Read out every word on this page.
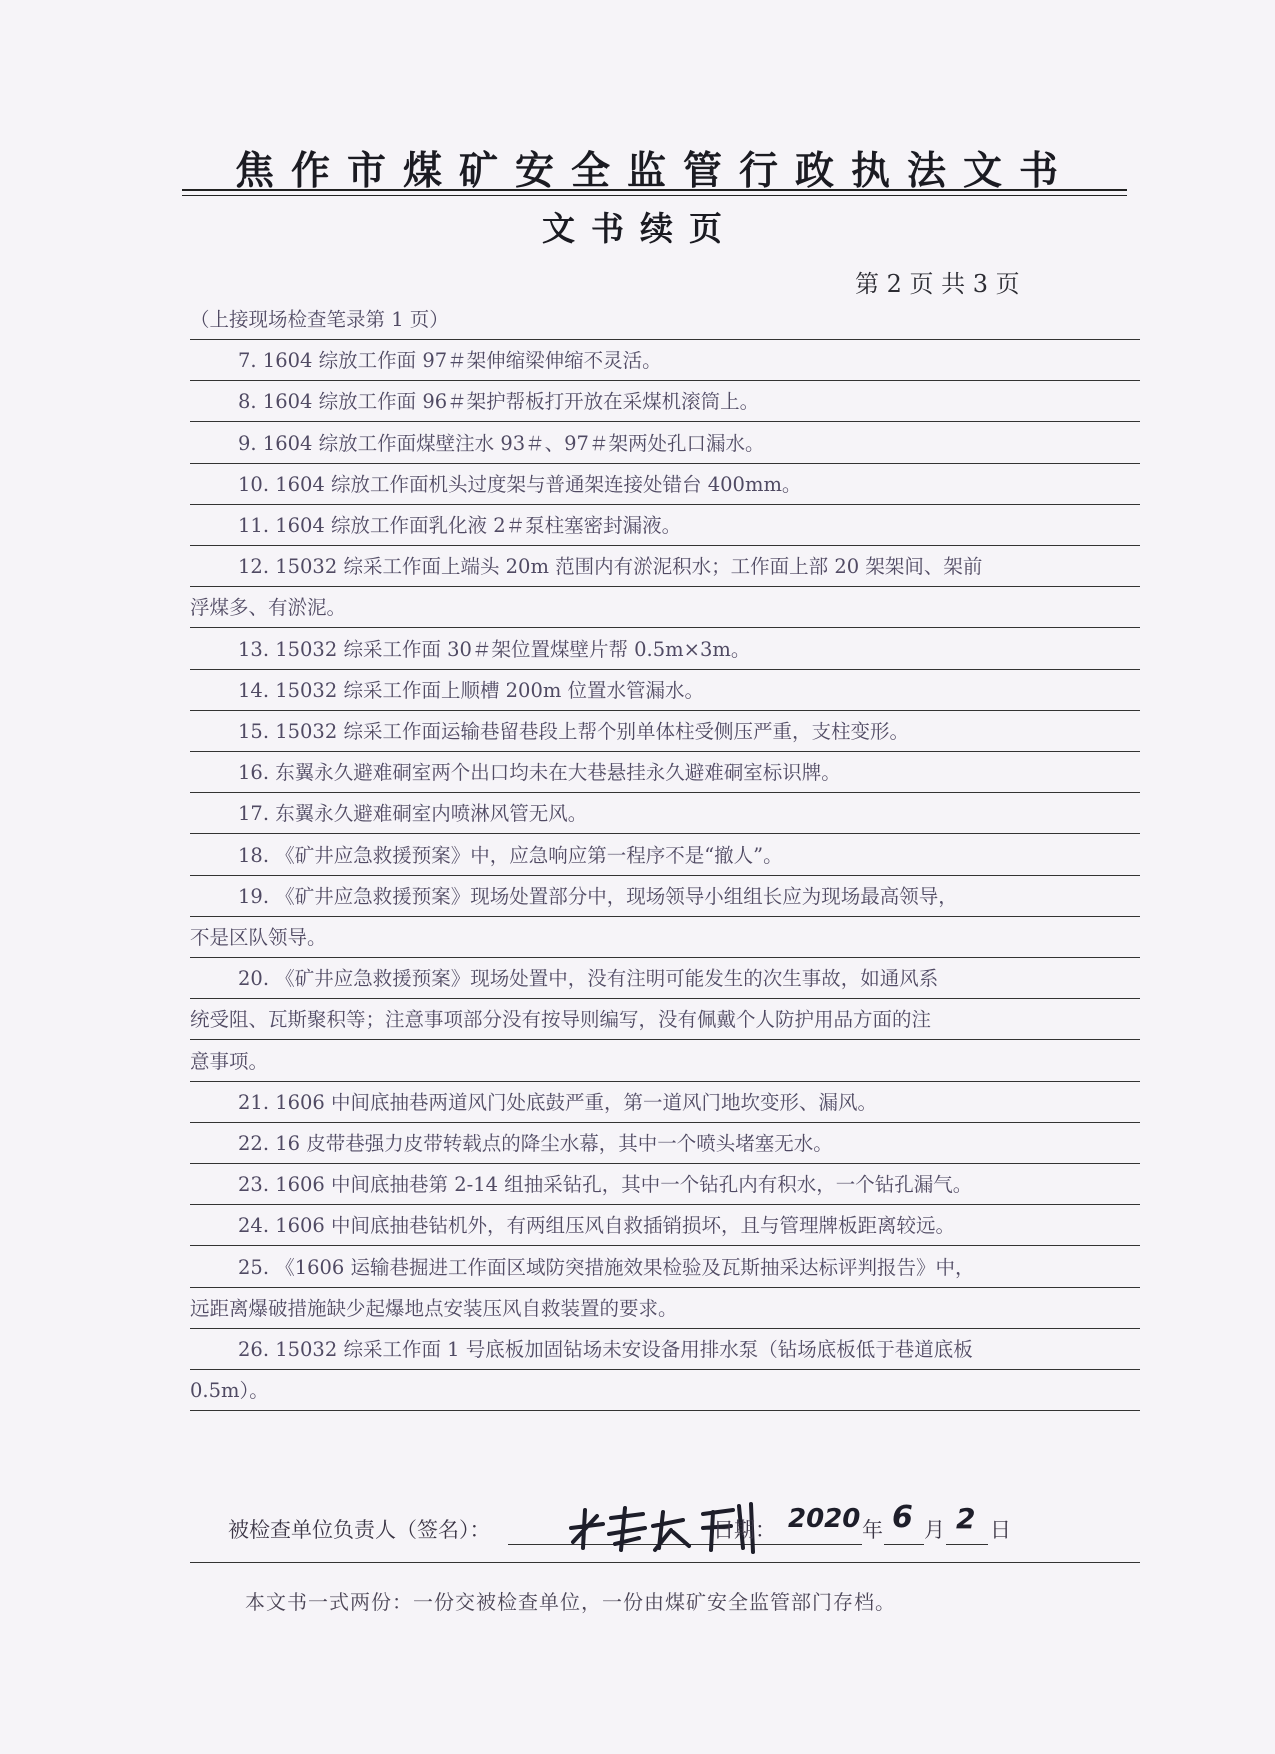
焦作市煤矿安全监管行政执法文书
文书续页
第 2 页 共 3 页
（上接现场检查笔录第 1 页）
7. 1604 综放工作面 97＃架伸缩梁伸缩不灵活。
8. 1604 综放工作面 96＃架护帮板打开放在采煤机滚筒上。
9. 1604 综放工作面煤壁注水 93＃、97＃架两处孔口漏水。
10. 1604 综放工作面机头过度架与普通架连接处错台 400mm。
11. 1604 综放工作面乳化液 2＃泵柱塞密封漏液。
12. 15032 综采工作面上端头 20m 范围内有淤泥积水；工作面上部 20 架架间、架前
浮煤多、有淤泥。
13. 15032 综采工作面 30＃架位置煤壁片帮 0.5m×3m。
14. 15032 综采工作面上顺槽 200m 位置水管漏水。
15. 15032 综采工作面运输巷留巷段上帮个别单体柱受侧压严重，支柱变形。
16. 东翼永久避难硐室两个出口均未在大巷悬挂永久避难硐室标识牌。
17. 东翼永久避难硐室内喷淋风管无风。
18. 《矿井应急救援预案》中，应急响应第一程序不是“撤人”。
19. 《矿井应急救援预案》现场处置部分中，现场领导小组组长应为现场最高领导，
不是区队领导。
20. 《矿井应急救援预案》现场处置中，没有注明可能发生的次生事故，如通风系
统受阻、瓦斯聚积等；注意事项部分没有按导则编写，没有佩戴个人防护用品方面的注
意事项。
21. 1606 中间底抽巷两道风门处底鼓严重，第一道风门地坎变形、漏风。
22. 16 皮带巷强力皮带转载点的降尘水幕，其中一个喷头堵塞无水。
23. 1606 中间底抽巷第 2-14 组抽采钻孔，其中一个钻孔内有积水，一个钻孔漏气。
24. 1606 中间底抽巷钻机外，有两组压风自救插销损坏，且与管理牌板距离较远。
25. 《1606 运输巷掘进工作面区域防突措施效果检验及瓦斯抽采达标评判报告》中，
远距离爆破措施缺少起爆地点安装压风自救装置的要求。
26. 15032 综采工作面 1 号底板加固钻场未安设备用排水泵（钻场底板低于巷道底板
0.5m）。
被检查单位负责人（签名）：	日期： 2020 年 6 月 2 日
本文书一式两份：一份交被检查单位，一份由煤矿安全监管部门存档。
